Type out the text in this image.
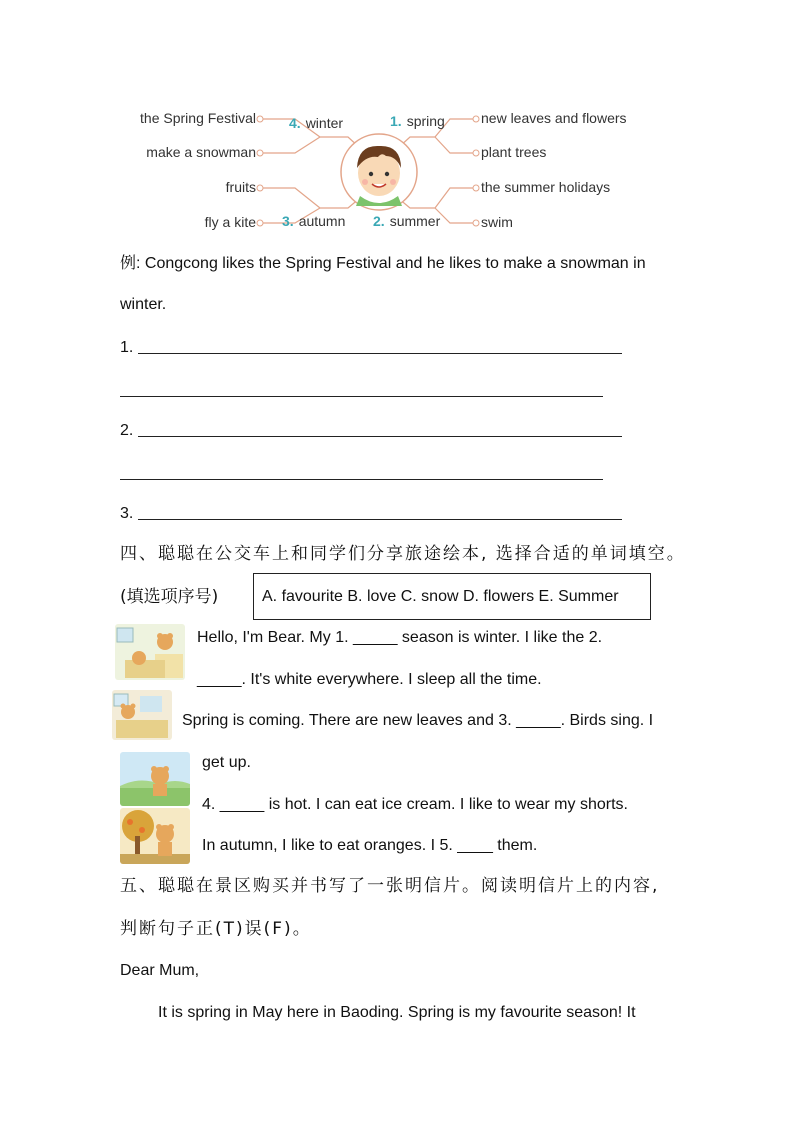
the Spring Festival
make a snowman
fruits
fly a kite
new leaves and flowers
plant trees
the summer holidays
swim
4. winter	1. spring
3. autumn 2. summer
例: Congcong likes the Spring Festival and he likes to make a snowman in
winter.
1.
2.
3.
四、聪聪在公交车上和同学们分享旅途绘本, 选择合适的单词填空。
(填选项序号)	A. favourite B. love C. snow D. flowers E. Summer
Hello, I'm Bear. My 1. _____ season is winter. I like the 2.
_____. It's white everywhere. I sleep all the time.
Spring is coming. There are new leaves and 3. _____. Birds sing. I
get up.
4. _____ is hot. I can eat ice cream. I like to wear my shorts.
In autumn, I like to eat oranges. I 5. ____ them.
五、聪聪在景区购买并书写了一张明信片。阅读明信片上的内容,
判断句子正(T)误(F)。
Dear Mum,
It is spring in May here in Baoding. Spring is my favourite season! It
